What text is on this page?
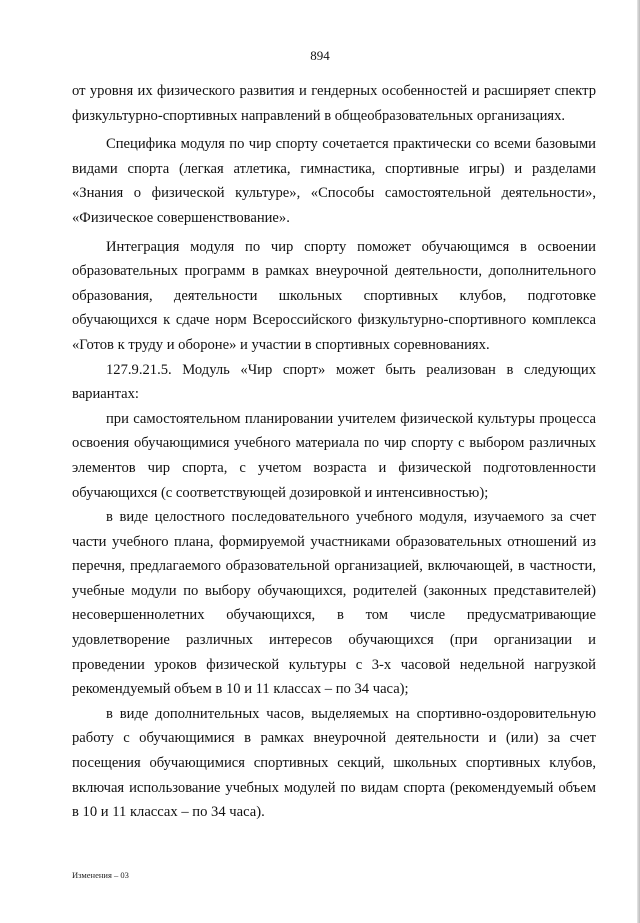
894

от уровня их физического развития и гендерных особенностей и расширяет спектр физкультурно-спортивных направлений в общеобразовательных организациях.

Специфика модуля по чир спорту сочетается практически со всеми базовыми видами спорта (легкая атлетика, гимнастика, спортивные игры) и разделами «Знания о физической культуре», «Способы самостоятельной деятельности», «Физическое совершенствование».

Интеграция модуля по чир спорту поможет обучающимся в освоении образовательных программ в рамках внеурочной деятельности, дополнительного образования, деятельности школьных спортивных клубов, подготовке обучающихся к сдаче норм Всероссийского физкультурно-спортивного комплекса «Готов к труду и обороне» и участии в спортивных соревнованиях.

127.9.21.5. Модуль «Чир спорт» может быть реализован в следующих вариантах:

при самостоятельном планировании учителем физической культуры процесса освоения обучающимися учебного материала по чир спорту с выбором различных элементов чир спорта, с учетом возраста и физической подготовленности обучающихся (с соответствующей дозировкой и интенсивностью);

в виде целостного последовательного учебного модуля, изучаемого за счет части учебного плана, формируемой участниками образовательных отношений из перечня, предлагаемого образовательной организацией, включающей, в частности, учебные модули по выбору обучающихся, родителей (законных представителей) несовершеннолетних обучающихся, в том числе предусматривающие удовлетворение различных интересов обучающихся (при организации и проведении уроков физической культуры с 3-х часовой недельной нагрузкой рекомендуемый объем в 10 и 11 классах – по 34 часа);

в виде дополнительных часов, выделяемых на спортивно-оздоровительную работу с обучающимися в рамках внеурочной деятельности и (или) за счет посещения обучающимися спортивных секций, школьных спортивных клубов, включая использование учебных модулей по видам спорта (рекомендуемый объем в 10 и 11 классах – по 34 часа).

Изменения – 03
